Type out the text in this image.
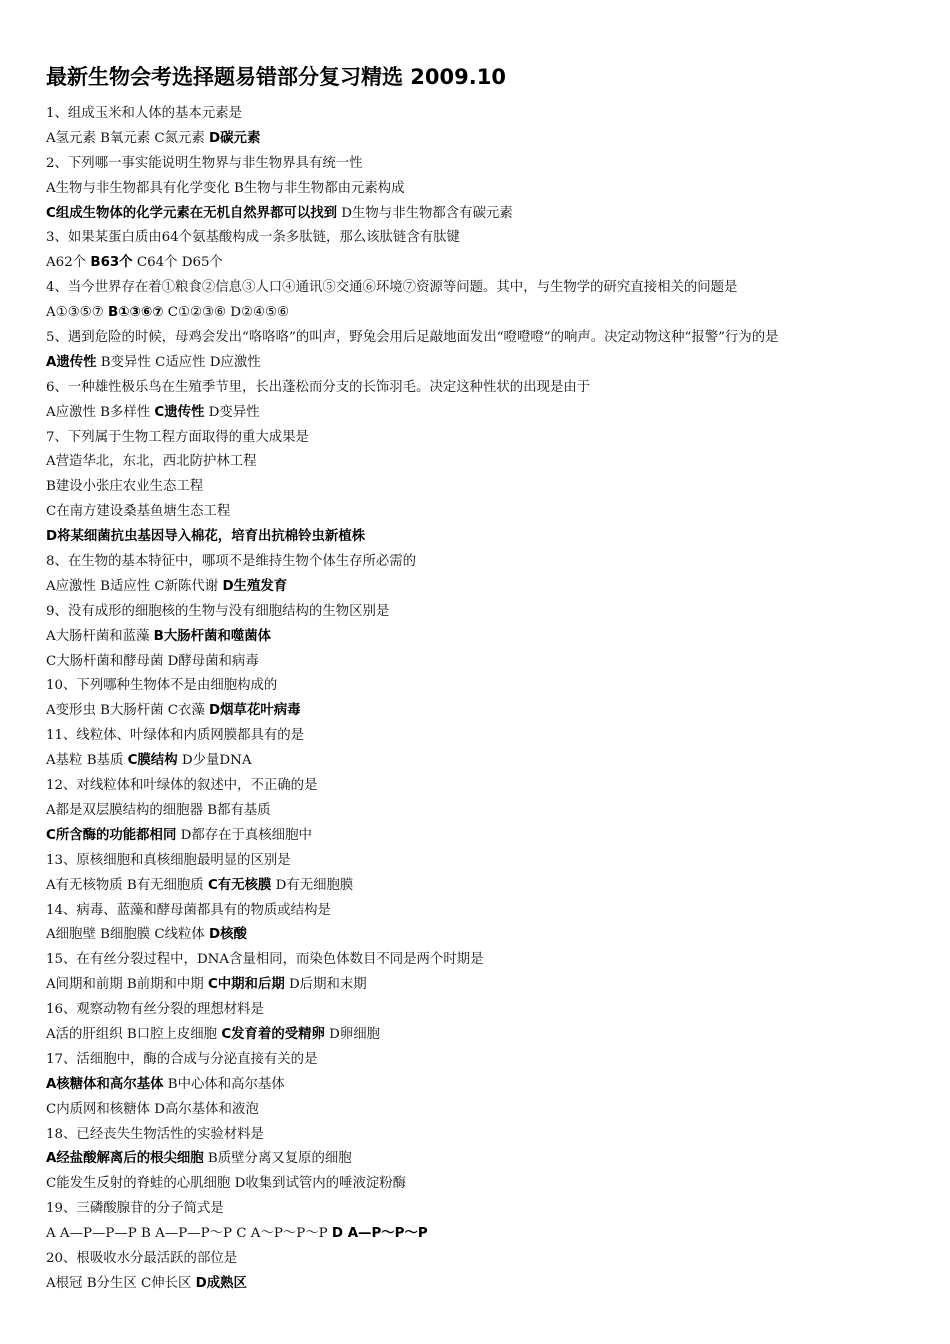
最新生物会考选择题易错部分复习精选 2009.10
1、组成玉米和人体的基本元素是
A氢元素 B氧元素 C氮元素 D碳元素
2、下列哪一事实能说明生物界与非生物界具有统一性
A生物与非生物都具有化学变化 B生物与非生物都由元素构成
C组成生物体的化学元素在无机自然界都可以找到 D生物与非生物都含有碳元素
3、如果某蛋白质由64个氨基酸构成一条多肽链，那么该肽链含有肽键
A62个 B63个 C64个 D65个
4、当今世界存在着①粮食②信息③人口④通讯⑤交通⑥环境⑦资源等问题。其中，与生物学的研究直接相关的问题是
A①③⑤⑦ B①③⑥⑦ C①②③⑥ D②④⑤⑥
5、遇到危险的时候，母鸡会发出“咯咯咯”的叫声，野兔会用后足敲地面发出“噔噔噔”的响声。决定动物这种“报警”行为的是
A遗传性 B变异性 C适应性 D应激性
6、一种雄性极乐鸟在生殖季节里，长出蓬松而分支的长饰羽毛。决定这种性状的出现是由于
A应激性 B多样性 C遗传性 D变异性
7、下列属于生物工程方面取得的重大成果是
A营造华北，东北，西北防护林工程
B建设小张庄农业生态工程
C在南方建设桑基鱼塘生态工程
D将某细菌抗虫基因导入棉花，培育出抗棉铃虫新植株
8、在生物的基本特征中，哪项不是维持生物个体生存所必需的
A应激性 B适应性 C新陈代谢 D生殖发育
9、没有成形的细胞核的生物与没有细胞结构的生物区别是
A大肠杆菌和蓝藻 B大肠杆菌和噬菌体
C大肠杆菌和酵母菌 D酵母菌和病毒
10、下列哪种生物体不是由细胞构成的
A变形虫 B大肠杆菌 C衣藻 D烟草花叶病毒
11、线粒体、叶绿体和内质网膜都具有的是
A基粒 B基质 C膜结构 D少量DNA
12、对线粒体和叶绿体的叙述中，不正确的是
A都是双层膜结构的细胞器 B都有基质
C所含酶的功能都相同 D都存在于真核细胞中
13、原核细胞和真核细胞最明显的区别是
A有无核物质 B有无细胞质 C有无核膜 D有无细胞膜
14、病毒、蓝藻和酵母菌都具有的物质或结构是
A细胞壁 B细胞膜 C线粒体 D核酸
15、在有丝分裂过程中，DNA含量相同，而染色体数目不同是两个时期是
A间期和前期 B前期和中期 C中期和后期 D后期和末期
16、观察动物有丝分裂的理想材料是
A活的肝组织 B口腔上皮细胞 C发育着的受精卵 D卵细胞
17、活细胞中，酶的合成与分泌直接有关的是
A核糖体和高尔基体 B中心体和高尔基体
C内质网和核糖体 D高尔基体和液泡
18、已经丧失生物活性的实验材料是
A经盐酸解离后的根尖细胞 B质壁分离又复原的细胞
C能发生反射的脊蛙的心肌细胞 D收集到试管内的唾液淀粉酶
19、三磷酸腺苷的分子简式是
A A—P—P—P B A—P—P～P C A～P～P～P D A—P～P～P
20、根吸收水分最活跃的部位是
A根冠 B分生区 C伸长区 D成熟区
